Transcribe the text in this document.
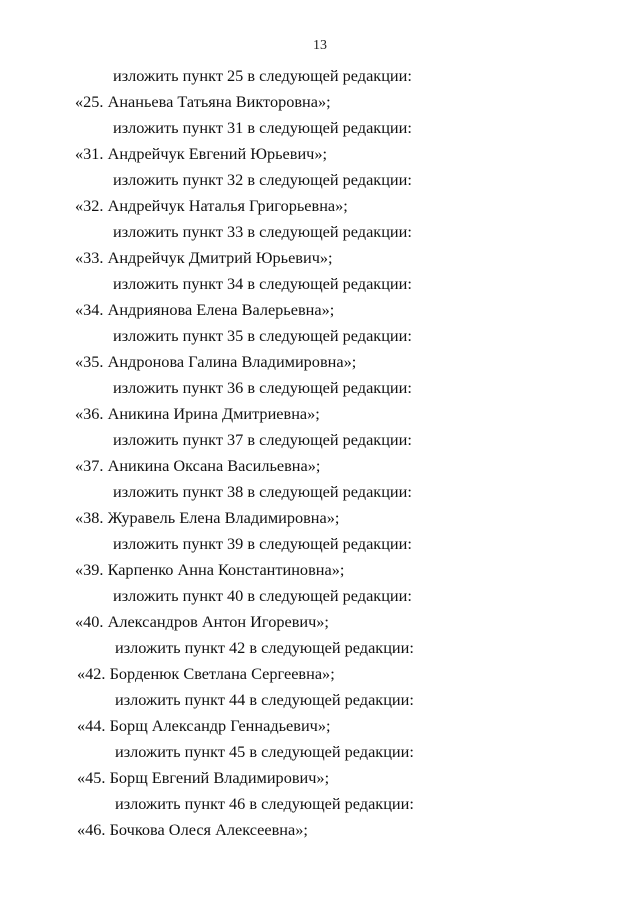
13
изложить пункт 25 в следующей редакции:
«25. Ананьева Татьяна Викторовна»;
изложить пункт 31 в следующей редакции:
«31. Андрейчук Евгений Юрьевич»;
изложить пункт 32 в следующей редакции:
«32. Андрейчук Наталья Григорьевна»;
изложить пункт 33 в следующей редакции:
«33. Андрейчук Дмитрий Юрьевич»;
изложить пункт 34 в следующей редакции:
«34. Андриянова Елена Валерьевна»;
изложить пункт 35 в следующей редакции:
«35. Андронова Галина Владимировна»;
изложить пункт 36 в следующей редакции:
«36. Аникина Ирина Дмитриевна»;
изложить пункт 37 в следующей редакции:
«37. Аникина Оксана Васильевна»;
изложить пункт 38 в следующей редакции:
«38. Журавель Елена Владимировна»;
изложить пункт 39 в следующей редакции:
«39. Карпенко Анна Константиновна»;
изложить пункт 40 в следующей редакции:
«40. Александров Антон Игоревич»;
изложить пункт 42 в следующей редакции:
«42. Борденюк Светлана Сергеевна»;
изложить пункт 44 в следующей редакции:
«44. Борщ Александр Геннадьевич»;
изложить пункт 45 в следующей редакции:
«45. Борщ Евгений Владимирович»;
изложить пункт 46 в следующей редакции:
«46. Бочкова Олеся Алексеевна»;
